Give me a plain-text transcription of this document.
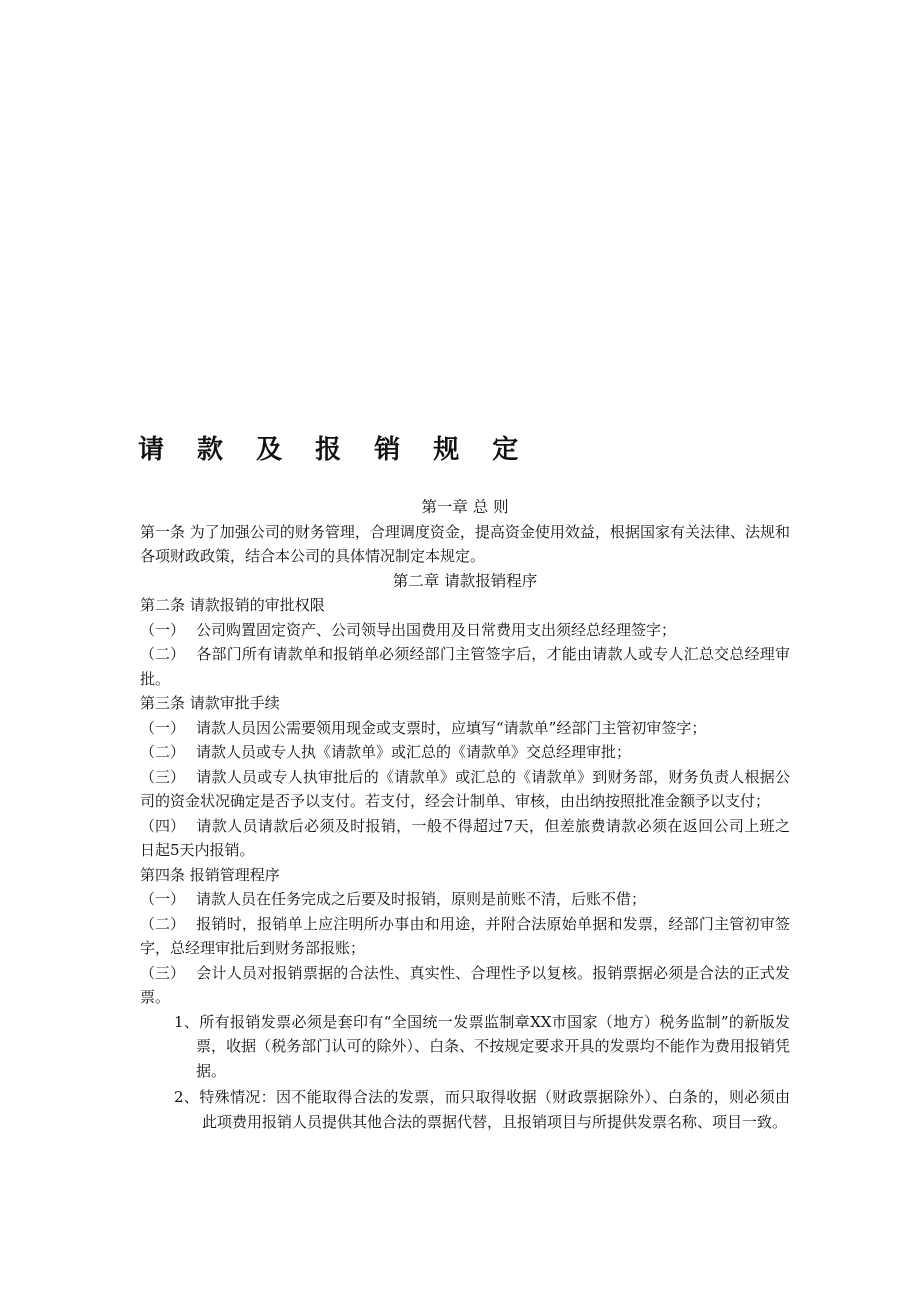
请 款 及 报 销 规 定

第一章 总 则

第一条 为了加强公司的财务管理，合理调度资金，提高资金使用效益，根据国家有关法律、法规和各项财政政策，结合本公司的具体情况制定本规定。

第二章 请款报销程序

第二条 请款报销的审批权限

（一） 公司购置固定资产、公司领导出国费用及日常费用支出须经总经理签字；

（二） 各部门所有请款单和报销单必须经部门主管签字后，才能由请款人或专人汇总交总经理审批。

第三条 请款审批手续

（一） 请款人员因公需要领用现金或支票时，应填写“请款单”经部门主管初审签字；

（二） 请款人员或专人执《请款单》或汇总的《请款单》交总经理审批；

（三） 请款人员或专人执审批后的《请款单》或汇总的《请款单》到财务部，财务负责人根据公司的资金状况确定是否予以支付。若支付，经会计制单、审核，由出纳按照批准金额予以支付；

（四） 请款人员请款后必须及时报销，一般不得超过7天，但差旅费请款必须在返回公司上班之日起5天内报销。

第四条 报销管理程序

（一） 请款人员在任务完成之后要及时报销，原则是前账不清，后账不借；

（二） 报销时，报销单上应注明所办事由和用途，并附合法原始单据和发票，经部门主管初审签字，总经理审批后到财务部报账；

（三） 会计人员对报销票据的合法性、真实性、合理性予以复核。报销票据必须是合法的正式发票。

1、所有报销发票必须是套印有“全国统一发票监制章XX市国家（地方）税务监制”的新版发票，收据（税务部门认可的除外）、白条、不按规定要求开具的发票均不能作为费用报销凭据。

2、特殊情况：因不能取得合法的发票，而只取得收据（财政票据除外）、白条的，则必须由此项费用报销人员提供其他合法的票据代替，且报销项目与所提供发票名称、项目一致。
